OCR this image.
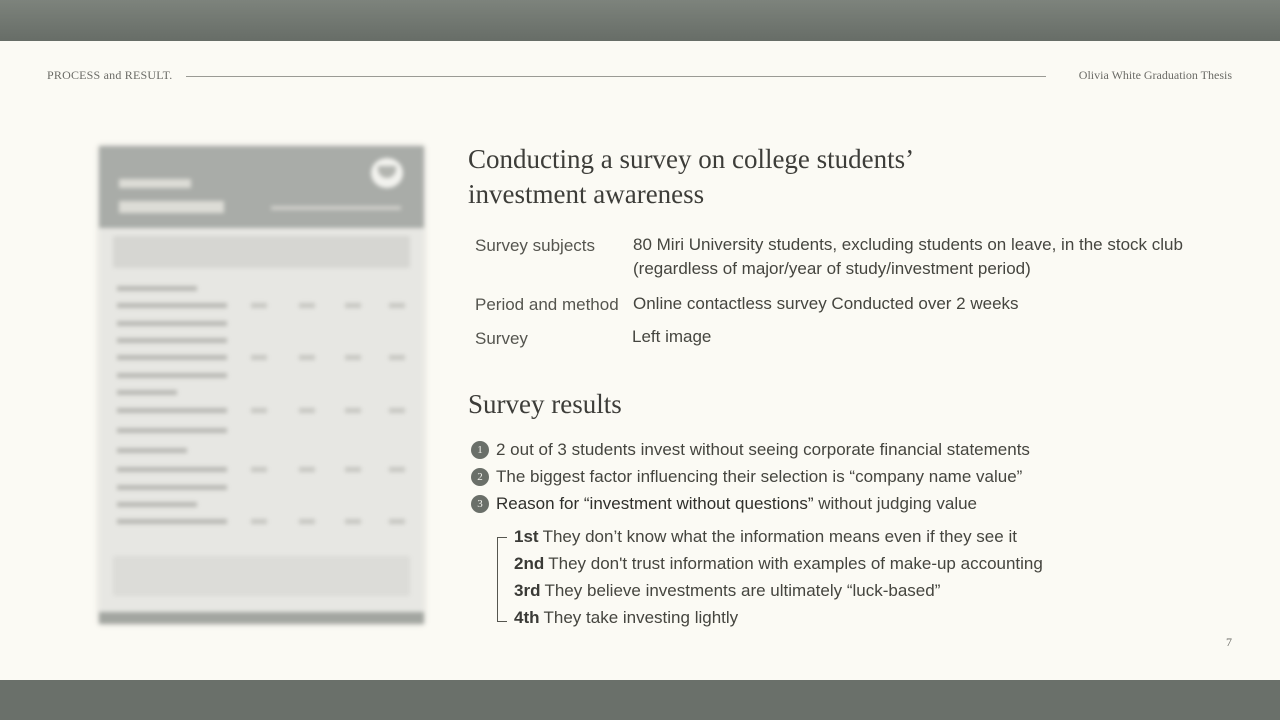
PROCESS and RESULT.	Olivia White Graduation Thesis
Conducting a survey on college students’
investment awareness
Survey subjects 80 Miri University students, excluding students on leave, in the stock club
(regardless of major/year of study/investment period)
Period and method Online contactless survey Conducted over 2 weeks
Survey	Left image
Survey results
1 2 out of 3 students invest without seeing corporate financial statements
2 The biggest factor influencing their selection is “company name value”
3 Reason for “investment without questions” without judging value
1st They don’t know what the information means even if they see it
2nd They don't trust information with examples of make-up accounting
3rd They believe investments are ultimately “luck-based”
4th They take investing lightly
7
